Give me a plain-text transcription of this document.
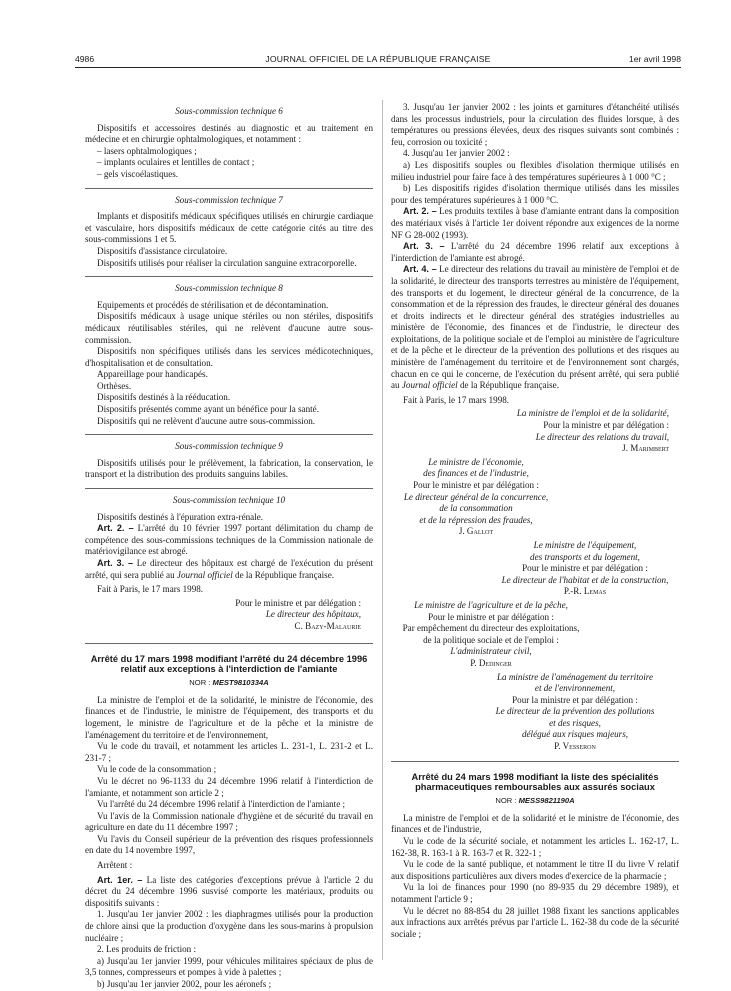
4986	JOURNAL OFFICIEL DE LA RÉPUBLIQUE FRANÇAISE	1er avril 1998

Sous-commission technique 6

Dispositifs et accessoires destinés au diagnostic et au traitement en médecine et en chirurgie ophtalmologiques, et notamment :

– lasers ophtalmologiques ;

– implants oculaires et lentilles de contact ;

– gels viscoélastiques.

Sous-commission technique 7

Implants et dispositifs médicaux spécifiques utilisés en chirurgie cardiaque et vasculaire, hors dispositifs médicaux de cette catégorie cités au titre des sous-commissions 1 et 5.

Dispositifs d'assistance circulatoire.

Dispositifs utilisés pour réaliser la circulation sanguine extracorporelle.

Sous-commission technique 8

Equipements et procédés de stérilisation et de décontamination.

Dispositifs médicaux à usage unique stériles ou non stériles, dispositifs médicaux réutilisables stériles, qui ne relèvent d'aucune autre sous-commission.

Dispositifs non spécifiques utilisés dans les services médicotechniques, d'hospitalisation et de consultation.

Appareillage pour handicapés.

Orthèses.

Dispositifs destinés à la rééducation.

Dispositifs présentés comme ayant un bénéfice pour la santé.

Dispositifs qui ne relèvent d'aucune autre sous-commission.

Sous-commission technique 9

Dispositifs utilisés pour le prélèvement, la fabrication, la conservation, le transport et la distribution des produits sanguins labiles.

Sous-commission technique 10

Dispositifs destinés à l'épuration extra-rénale.

Art. 2. – L'arrêté du 10 février 1997 portant délimitation du champ de compétence des sous-commissions techniques de la Commission nationale de matériovigilance est abrogé.

Art. 3. – Le directeur des hôpitaux est chargé de l'exécution du présent arrêté, qui sera publié au Journal officiel de la République française.

Fait à Paris, le 17 mars 1998.

Pour le ministre et par délégation :

Le directeur des hôpitaux,

C. Bazy-Malaurie

Arrêté du 17 mars 1998 modifiant l'arrêté du 24 décembre 1996 relatif aux exceptions à l'interdiction de l'amiante

NOR : MEST9810334A

La ministre de l'emploi et de la solidarité, le ministre de l'économie, des finances et de l'industrie, le ministre de l'équipement, des transports et du logement, le ministre de l'agriculture et de la pêche et la ministre de l'aménagement du territoire et de l'environnement,

Vu le code du travail, et notamment les articles L. 231-1, L. 231-2 et L. 231-7 ;

Vu le code de la consommation ;

Vu le décret no 96-1133 du 24 décembre 1996 relatif à l'interdiction de l'amiante, et notamment son article 2 ;

Vu l'arrêté du 24 décembre 1996 relatif à l'interdiction de l'amiante ;

Vu l'avis de la Commission nationale d'hygiène et de sécurité du travail en agriculture en date du 11 décembre 1997 ;

Vu l'avis du Conseil supérieur de la prévention des risques professionnels en date du 14 novembre 1997,

Arrêtent :

Art. 1er. – La liste des catégories d'exceptions prévue à l'article 2 du décret du 24 décembre 1996 susvisé comporte les matériaux, produits ou dispositifs suivants :

1. Jusqu'au 1er janvier 2002 : les diaphragmes utilisés pour la production de chlore ainsi que la production d'oxygène dans les sous-marins à propulsion nucléaire ;

2. Les produits de friction :

a) Jusqu'au 1er janvier 1999, pour véhicules militaires spéciaux de plus de 3,5 tonnes, compresseurs et pompes à vide à palettes ;

b) Jusqu'au 1er janvier 2002, pour les aéronefs ;

3. Jusqu'au 1er janvier 2002 : les joints et garnitures d'étanchéité utilisés dans les processus industriels, pour la circulation des fluides lorsque, à des températures ou pressions élevées, deux des risques suivants sont combinés : feu, corrosion ou toxicité ;

4. Jusqu'au 1er janvier 2002 :

a) Les dispositifs souples ou flexibles d'isolation thermique utilisés en milieu industriel pour faire face à des températures supérieures à 1 000 °C ;

b) Les dispositifs rigides d'isolation thermique utilisés dans les missiles pour des températures supérieures à 1 000 °C.

Art. 2. – Les produits textiles à base d'amiante entrant dans la composition des matériaux visés à l'article 1er doivent répondre aux exigences de la norme NF G 28-002 (1993).

Art. 3. – L'arrêté du 24 décembre 1996 relatif aux exceptions à l'interdiction de l'amiante est abrogé.

Art. 4. – Le directeur des relations du travail au ministère de l'emploi et de la solidarité, le directeur des transports terrestres au ministère de l'équipement, des transports et du logement, le directeur général de la concurrence, de la consommation et de la répression des fraudes, le directeur général des douanes et droits indirects et le directeur général des stratégies industrielles au ministère de l'économie, des finances et de l'industrie, le directeur des exploitations, de la politique sociale et de l'emploi au ministère de l'agriculture et de la pêche et le directeur de la prévention des pollutions et des risques au ministère de l'aménagement du territoire et de l'environnement sont chargés, chacun en ce qui le concerne, de l'exécution du présent arrêté, qui sera publié au Journal officiel de la République française.

Fait à Paris, le 17 mars 1998.

La ministre de l'emploi et de la solidarité,

Pour la ministre et par délégation :

Le directeur des relations du travail,

J. Marimbert

Le ministre de l'économie,

des finances et de l'industrie,

Pour le ministre et par délégation :

Le directeur général de la concurrence,

de la consommation

et de la répression des fraudes,

J. Gallot

Le ministre de l'équipement,

des transports et du logement,

Pour le ministre et par délégation :

Le directeur de l'habitat et de la construction,

P.-R. Lemas

Le ministre de l'agriculture et de la pêche,

Pour le ministre et par délégation :

Par empêchement du directeur des exploitations,

de la politique sociale et de l'emploi :

L'administrateur civil,

P. Dedinger

La ministre de l'aménagement du territoire

et de l'environnement,

Pour la ministre et par délégation :

Le directeur de la prévention des pollutions

et des risques,

délégué aux risques majeurs,

P. Vesseron

Arrêté du 24 mars 1998 modifiant la liste des spécialités pharmaceutiques remboursables aux assurés sociaux

NOR : MESS9821190A

La ministre de l'emploi et de la solidarité et le ministre de l'économie, des finances et de l'industrie,

Vu le code de la sécurité sociale, et notamment les articles L. 162-17, L. 162-38, R. 163-1 à R. 163-7 et R. 322-1 ;

Vu le code de la santé publique, et notamment le titre II du livre V relatif aux dispositions particulières aux divers modes d'exercice de la pharmacie ;

Vu la loi de finances pour 1990 (no 89-935 du 29 décembre 1989), et notamment l'article 9 ;

Vu le décret no 88-854 du 28 juillet 1988 fixant les sanctions applicables aux infractions aux arrêtés prévus par l'article L. 162-38 du code de la sécurité sociale ;
